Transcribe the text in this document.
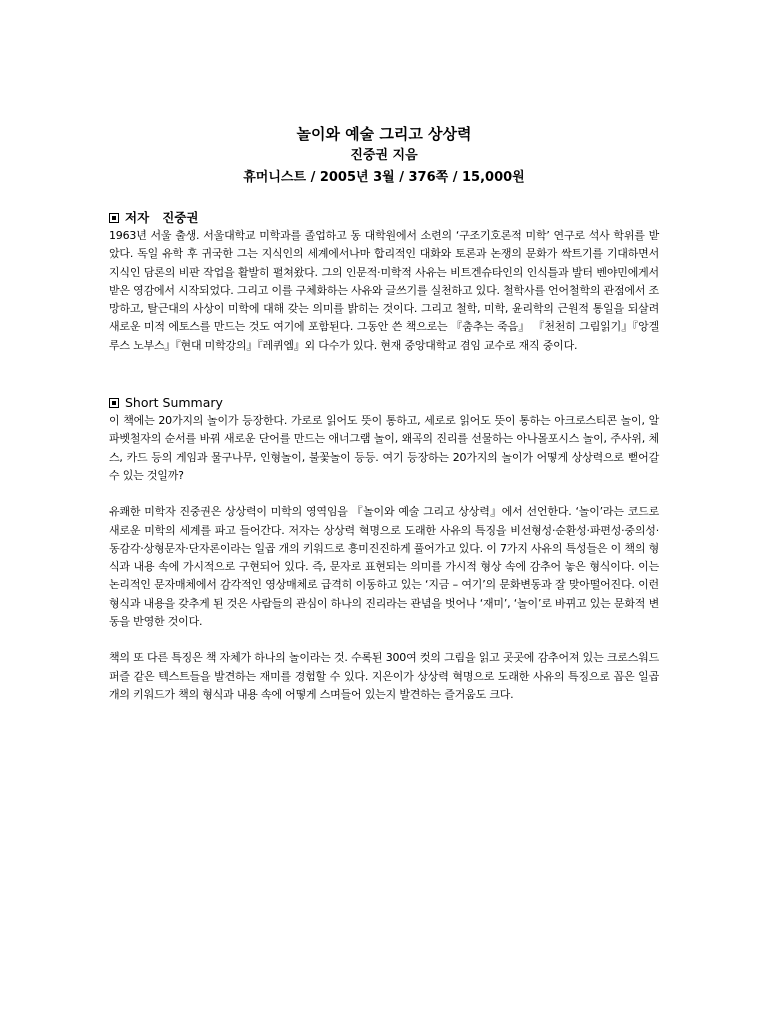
놀이와 예술 그리고 상상력

진중권 지음

휴머니스트 / 2005년 3월 / 376쪽 / 15,000원

저자   진중권

1963년 서울 출생. 서울대학교 미학과를 졸업하고 동 대학원에서 소련의 ‘구조기호론적 미학’ 연구로 석사 학위를 받았다. 독일 유학 후 귀국한 그는 지식인의 세계에서나마 합리적인 대화와 토론과 논쟁의 문화가 싹트기를 기대하면서 지식인 담론의 비판 작업을 활발히 펼쳐왔다. 그의 인문적·미학적 사유는 비트겐슈타인의 인식틀과 발터 벤야민에게서 받은 영감에서 시작되었다. 그리고 이를 구체화하는 사유와 글쓰기를 실천하고 있다. 철학사를 언어철학의 관점에서 조망하고, 탈근대의 사상이 미학에 대해 갖는 의미를 밝히는 것이다. 그리고 철학, 미학, 윤리학의 근원적 통일을 되살려 새로운 미적 에토스를 만드는 것도 여기에 포함된다. 그동안 쓴 책으로는 『춤추는 죽음』 『천천히 그림읽기』『앙겔루스 노부스』『현대 미학강의』『레퀴엠』외 다수가 있다. 현재 중앙대학교 겸임 교수로 재직 중이다.

Short Summary

이 책에는 20가지의 놀이가 등장한다. 가로로 읽어도 뜻이 통하고, 세로로 읽어도 뜻이 통하는 아크로스티콘 놀이, 알파벳철자의 순서를 바꿔 새로운 단어를 만드는 애너그램 놀이, 왜곡의 진리를 선물하는 아나몰포시스 놀이, 주사위, 체스, 카드 등의 게임과 물구나무, 인형놀이, 불꽃놀이 등등. 여기 등장하는 20가지의 놀이가 어떻게 상상력으로 뻗어갈 수 있는 것일까?

유쾌한 미학자 진중권은 상상력이 미학의 영역임을 『놀이와 예술 그리고 상상력』에서 선언한다. ‘놀이’라는 코드로 새로운 미학의 세계를 파고 들어간다. 저자는 상상력 혁명으로 도래한 사유의 특징을 비선형성·순환성·파편성·중의성·동감각·상형문자·단자론이라는 일곱 개의 키워드로 흥미진진하게 풀어가고 있다. 이 7가지 사유의 특성들은 이 책의 형식과 내용 속에 가시적으로 구현되어 있다. 즉, 문자로 표현되는 의미를 가시적 형상 속에 감추어 놓은 형식이다. 이는 논리적인 문자매체에서 감각적인 영상매체로 급격히 이동하고 있는 ‘지금 – 여기’의 문화변동과 잘 맞아떨어진다. 이런 형식과 내용을 갖추게 된 것은 사람들의 관심이 하나의 진리라는 관념을 벗어나 ‘재미’, ‘놀이’로 바뀌고 있는 문화적 변동을 반영한 것이다.

책의 또 다른 특징은 책 자체가 하나의 놀이라는 것. 수록된 300여 컷의 그림을 읽고 곳곳에 감추어져 있는 크로스워드 퍼즐 같은 텍스트들을 발견하는 재미를 경험할 수 있다. 지은이가 상상력 혁명으로 도래한 사유의 특징으로 꼽은 일곱 개의 키워드가 책의 형식과 내용 속에 어떻게 스며들어 있는지 발견하는 즐거움도 크다.
